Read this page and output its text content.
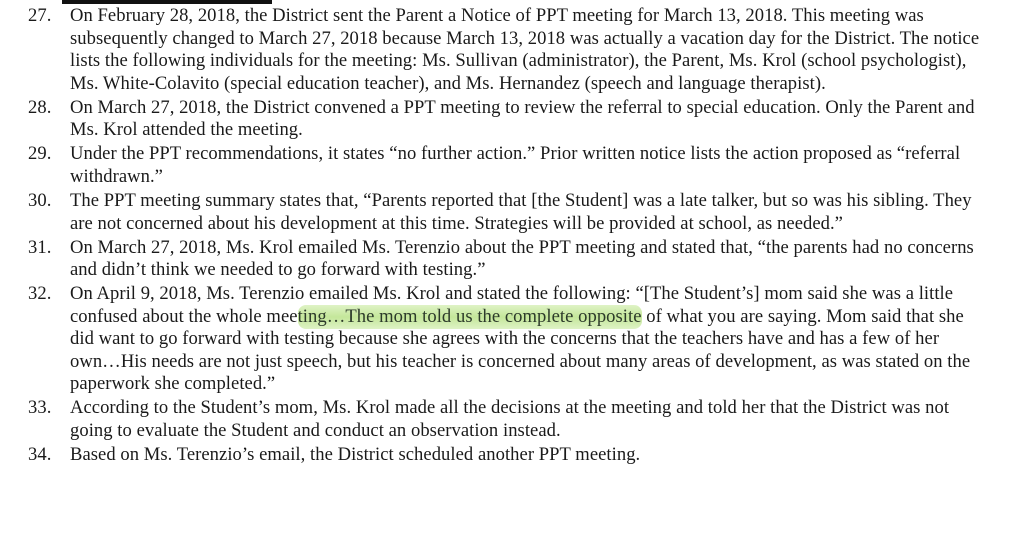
27. On February 28, 2018, the District sent the Parent a Notice of PPT meeting for March 13, 2018. This meeting was subsequently changed to March 27, 2018 because March 13, 2018 was actually a vacation day for the District. The notice lists the following individuals for the meeting: Ms. Sullivan (administrator), the Parent, Ms. Krol (school psychologist), Ms. White-Colavito (special education teacher), and Ms. Hernandez (speech and language therapist).
28. On March 27, 2018, the District convened a PPT meeting to review the referral to special education. Only the Parent and Ms. Krol attended the meeting.
29. Under the PPT recommendations, it states “no further action.” Prior written notice lists the action proposed as “referral withdrawn.”
30. The PPT meeting summary states that, “Parents reported that [the Student] was a late talker, but so was his sibling. They are not concerned about his development at this time. Strategies will be provided at school, as needed.”
31. On March 27, 2018, Ms. Krol emailed Ms. Terenzio about the PPT meeting and stated that, “the parents had no concerns and didn’t think we needed to go forward with testing.”
32. On April 9, 2018, Ms. Terenzio emailed Ms. Krol and stated the following: “[The Student’s] mom said she was a little confused about the whole meeting…The mom told us the complete opposite of what you are saying. Mom said that she did want to go forward with testing because she agrees with the concerns that the teachers have and has a few of her own…His needs are not just speech, but his teacher is concerned about many areas of development, as was stated on the paperwork she completed.”
33. According to the Student’s mom, Ms. Krol made all the decisions at the meeting and told her that the District was not going to evaluate the Student and conduct an observation instead.
34. Based on Ms. Terenzio’s email, the District scheduled another PPT meeting.
